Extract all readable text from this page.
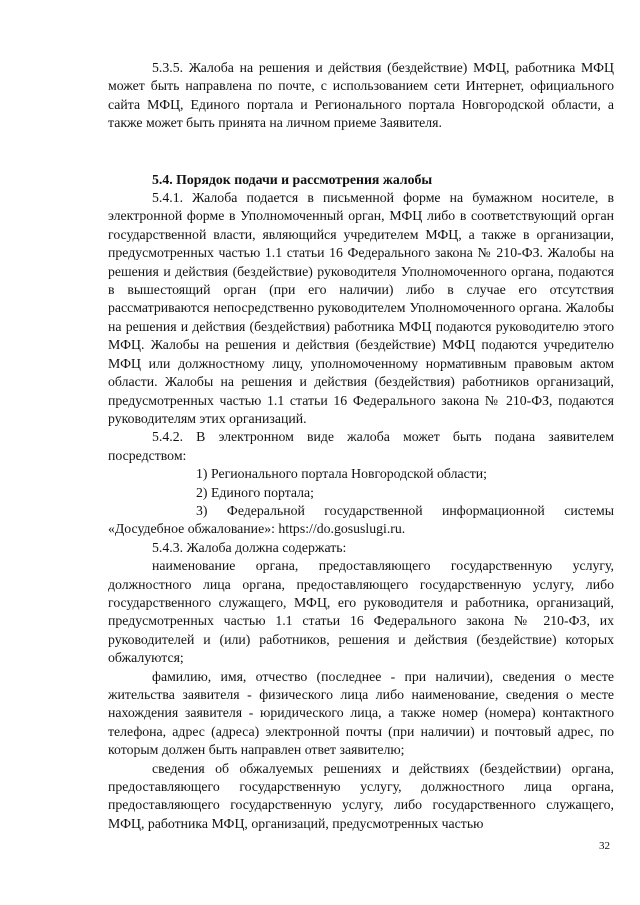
5.3.5. Жалоба на решения и действия (бездействие) МФЦ, работника МФЦ может быть направлена по почте, с использованием сети Интернет, официального сайта МФЦ, Единого портала и Регионального портала Новгородской области, а также может быть принята на личном приеме Заявителя.

5.4. Порядок подачи и рассмотрения жалобы

5.4.1. Жалоба подается в письменной форме на бумажном носителе, в электронной форме в Уполномоченный орган, МФЦ либо в соответствующий орган государственной власти, являющийся учредителем МФЦ, а также в организации, предусмотренных частью 1.1 статьи 16 Федерального закона № 210-ФЗ. Жалобы на решения и действия (бездействие) руководителя Уполномоченного органа, подаются в вышестоящий орган (при его наличии) либо в случае его отсутствия рассматриваются непосредственно руководителем Уполномоченного органа. Жалобы на решения и действия (бездействия) работника МФЦ подаются руководителю этого МФЦ. Жалобы на решения и действия (бездействие) МФЦ подаются учредителю МФЦ или должностному лицу, уполномоченному нормативным правовым актом области. Жалобы на решения и действия (бездействия) работников организаций, предусмотренных частью 1.1 статьи 16 Федерального закона № 210-ФЗ, подаются руководителям этих организаций.

5.4.2. В электронном виде жалоба может быть подана заявителем посредством:

1) Регионального портала Новгородской области;
2) Единого портала;
3) Федеральной государственной информационной системы «Досудебное обжалование»: https://do.gosuslugi.ru.

5.4.3. Жалоба должна содержать:

наименование органа, предоставляющего государственную услугу, должностного лица органа, предоставляющего государственную услугу, либо государственного служащего, МФЦ, его руководителя и работника, организаций, предусмотренных частью 1.1 статьи 16 Федерального закона № 210-ФЗ, их руководителей и (или) работников, решения и действия (бездействие) которых обжалуются;

фамилию, имя, отчество (последнее - при наличии), сведения о месте жительства заявителя - физического лица либо наименование, сведения о месте нахождения заявителя - юридического лица, а также номер (номера) контактного телефона, адрес (адреса) электронной почты (при наличии) и почтовый адрес, по которым должен быть направлен ответ заявителю;

сведения об обжалуемых решениях и действиях (бездействии) органа, предоставляющего государственную услугу, должностного лица органа, предоставляющего государственную услугу, либо государственного служащего, МФЦ, работника МФЦ, организаций, предусмотренных частью

32
